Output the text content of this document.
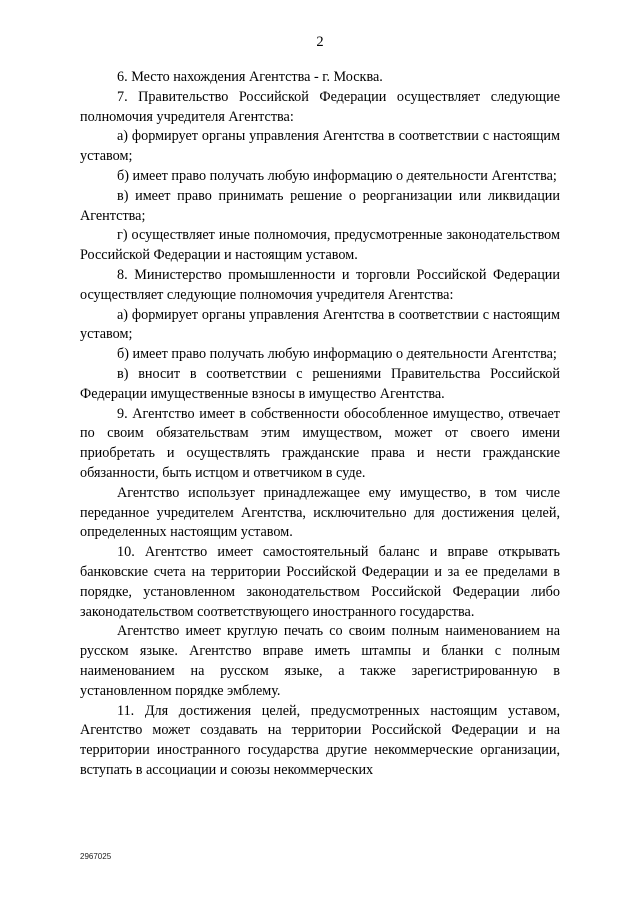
2

6. Место нахождения Агентства - г. Москва.

7. Правительство Российской Федерации осуществляет следующие полномочия учредителя Агентства:

а) формирует органы управления Агентства в соответствии с настоящим уставом;

б) имеет право получать любую информацию о деятельности Агентства;

в) имеет право принимать решение о реорганизации или ликвидации Агентства;

г) осуществляет иные полномочия, предусмотренные законодательством Российской Федерации и настоящим уставом.

8. Министерство промышленности и торговли Российской Федерации осуществляет следующие полномочия учредителя Агентства:

а) формирует органы управления Агентства в соответствии с настоящим уставом;

б) имеет право получать любую информацию о деятельности Агентства;

в) вносит в соответствии с решениями Правительства Российской Федерации имущественные взносы в имущество Агентства.

9. Агентство имеет в собственности обособленное имущество, отвечает по своим обязательствам этим имуществом, может от своего имени приобретать и осуществлять гражданские права и нести гражданские обязанности, быть истцом и ответчиком в суде.

Агентство использует принадлежащее ему имущество, в том числе переданное учредителем Агентства, исключительно для достижения целей, определенных настоящим уставом.

10. Агентство имеет самостоятельный баланс и вправе открывать банковские счета на территории Российской Федерации и за ее пределами в порядке, установленном законодательством Российской Федерации либо законодательством соответствующего иностранного государства.

Агентство имеет круглую печать со своим полным наименованием на русском языке. Агентство вправе иметь штампы и бланки с полным наименованием на русском языке, а также зарегистрированную в установленном порядке эмблему.

11. Для достижения целей, предусмотренных настоящим уставом, Агентство может создавать на территории Российской Федерации и на территории иностранного государства другие некоммерческие организации, вступать в ассоциации и союзы некоммерческих

2967025
